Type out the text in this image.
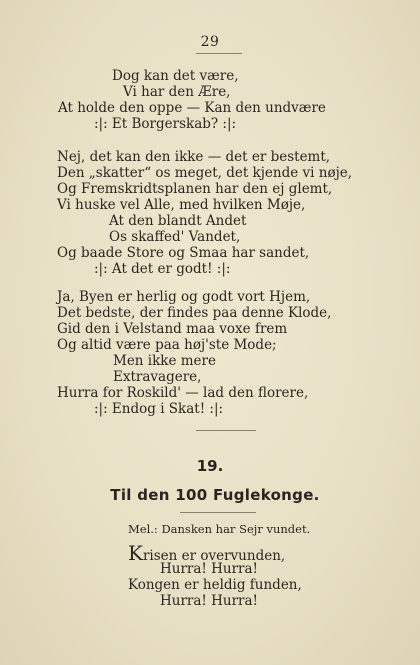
29
Dog kan det være,
Vi har den Ære,
At holde den oppe — Kan den undvære
:|: Et Borgerskab? :|:
Nej, det kan den ikke — det er bestemt,
Den „skatter“ os meget, det kjende vi nøje,
Og Fremskridtsplanen har den ej glemt,
Vi huske vel Alle, med hvilken Møje,
At den blandt Andet
Os skaffed' Vandet,
Og baade Store og Smaa har sandet,
:|: At det er godt! :|:
Ja, Byen er herlig og godt vort Hjem,
Det bedste, der findes paa denne Klode,
Gid den i Velstand maa voxe frem
Og altid være paa høj'ste Mode;
Men ikke mere
Extravagere,
Hurra for Roskild' — lad den florere,
:|: Endog i Skat! :|:
19.
Til den 100 Fuglekonge.
Mel.: Dansken har Sejr vundet.
Krisen er overvunden,
Hurra! Hurra!
Kongen er heldig funden,
Hurra! Hurra!
